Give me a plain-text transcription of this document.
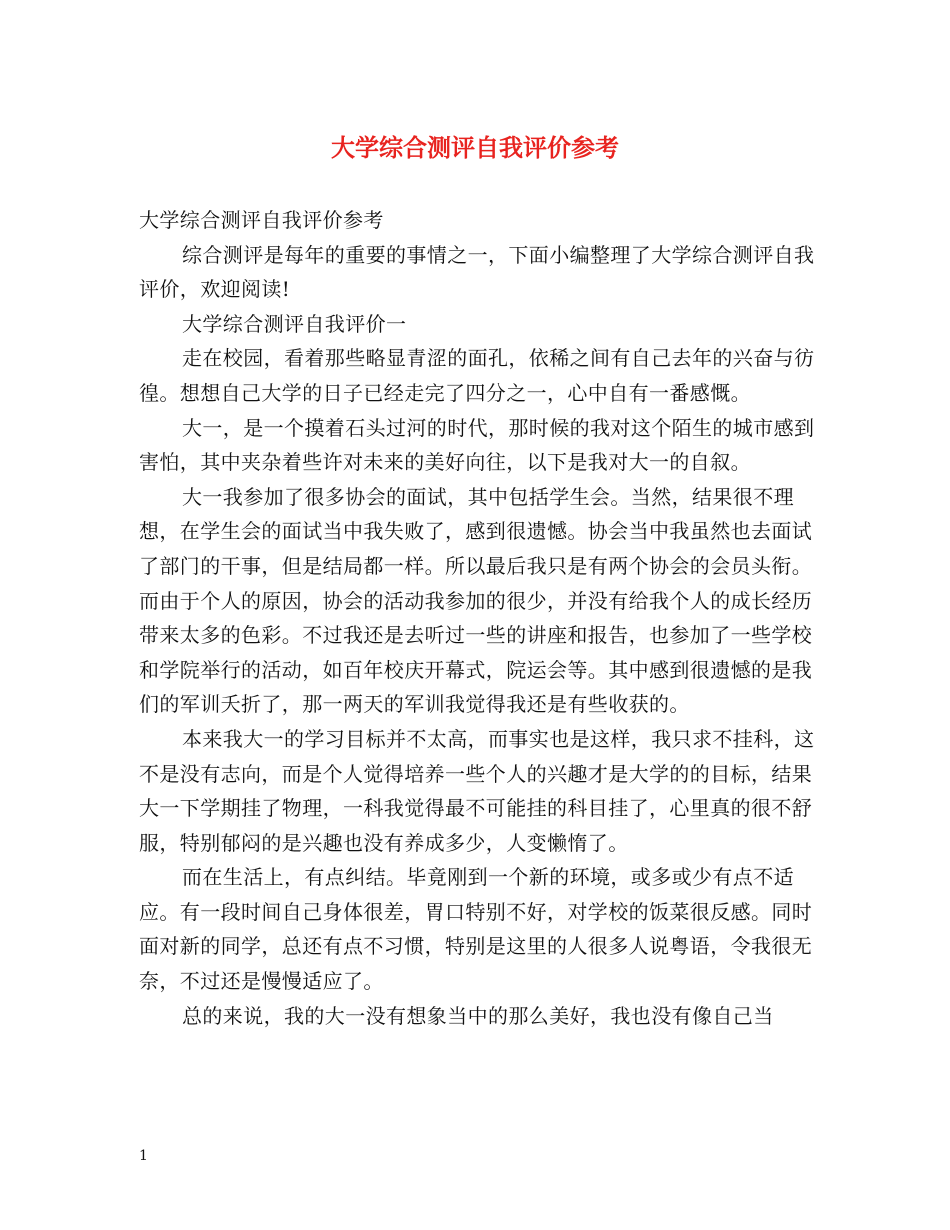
大学综合测评自我评价参考

大学综合测评自我评价参考

综合测评是每年的重要的事情之一，下面小编整理了大学综合测评自我评价，欢迎阅读!

大学综合测评自我评价一

走在校园，看着那些略显青涩的面孔，依稀之间有自己去年的兴奋与彷徨。想想自己大学的日子已经走完了四分之一，心中自有一番感慨。

大一，是一个摸着石头过河的时代，那时候的我对这个陌生的城市感到害怕，其中夹杂着些许对未来的美好向往，以下是我对大一的自叙。

大一我参加了很多协会的面试，其中包括学生会。当然，结果很不理想，在学生会的面试当中我失败了，感到很遗憾。协会当中我虽然也去面试了部门的干事，但是结局都一样。所以最后我只是有两个协会的会员头衔。而由于个人的原因，协会的活动我参加的很少，并没有给我个人的成长经历带来太多的色彩。不过我还是去听过一些的讲座和报告，也参加了一些学校和学院举行的活动，如百年校庆开幕式，院运会等。其中感到很遗憾的是我们的军训夭折了，那一两天的军训我觉得我还是有些收获的。

本来我大一的学习目标并不太高，而事实也是这样，我只求不挂科，这不是没有志向，而是个人觉得培养一些个人的兴趣才是大学的的目标，结果大一下学期挂了物理，一科我觉得最不可能挂的科目挂了，心里真的很不舒服，特别郁闷的是兴趣也没有养成多少，人变懒惰了。

而在生活上，有点纠结。毕竟刚到一个新的环境，或多或少有点不适应。有一段时间自己身体很差，胃口特别不好，对学校的饭菜很反感。同时面对新的同学，总还有点不习惯，特别是这里的人很多人说粤语，令我很无奈，不过还是慢慢适应了。

总的来说，我的大一没有想象当中的那么美好，我也没有像自己当

1
